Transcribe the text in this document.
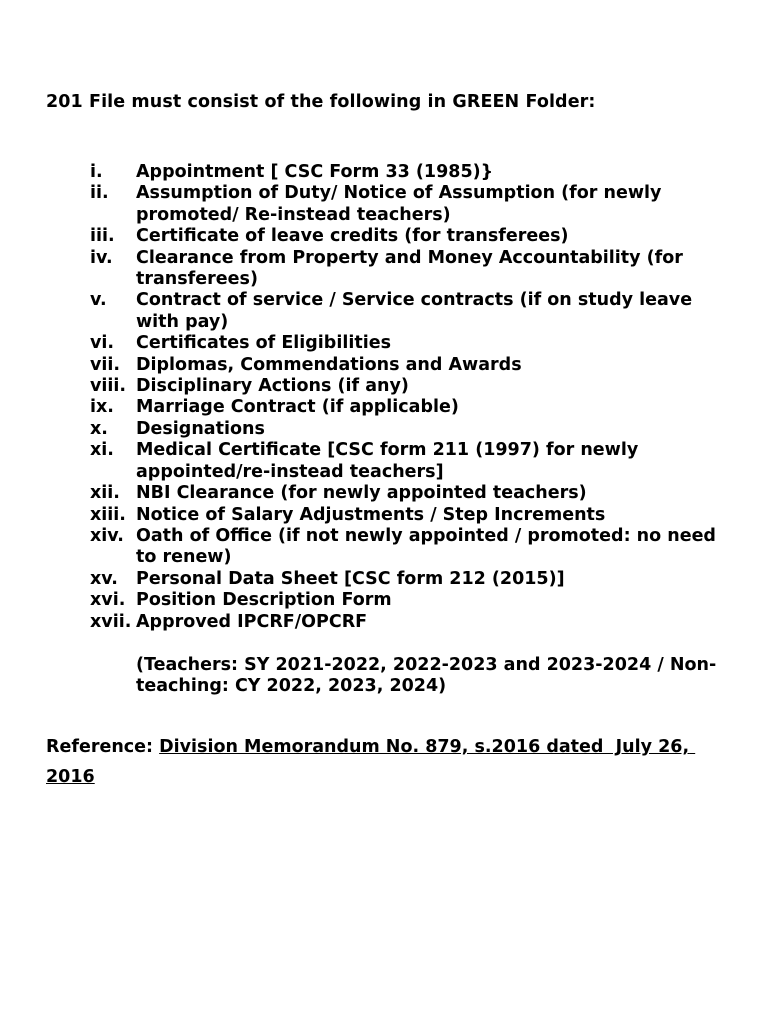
201 File must consist of the following in GREEN Folder:
i.	Appointment [ CSC Form 33 (1985)}
ii.	Assumption of Duty/ Notice of Assumption (for newly promoted/ Re-instead teachers)
iii.	Certificate of leave credits (for transferees)
iv.	Clearance from Property and Money Accountability (for transferees)
v.	Contract of service / Service contracts (if on study leave with pay)
vi.	Certificates of Eligibilities
vii. Diplomas, Commendations and Awards
viii. Disciplinary Actions (if any)
ix.	Marriage Contract (if applicable)
x.	Designations
xi.	Medical Certificate [CSC form 211 (1997) for newly appointed/re-instead teachers]
xii. NBI Clearance (for newly appointed teachers)
xiii. Notice of Salary Adjustments / Step Increments
xiv. Oath of Office (if not newly appointed / promoted: no need to renew)
xv.	Personal Data Sheet [CSC form 212 (2015)]
xvi. Position Description Form
xvii. Approved IPCRF/OPCRF
(Teachers: SY 2021-2022, 2022-2023 and 2023-2024 / Non-teaching: CY 2022, 2023, 2024)
Reference: Division Memorandum No. 879, s.2016 dated  July 26, 2016
